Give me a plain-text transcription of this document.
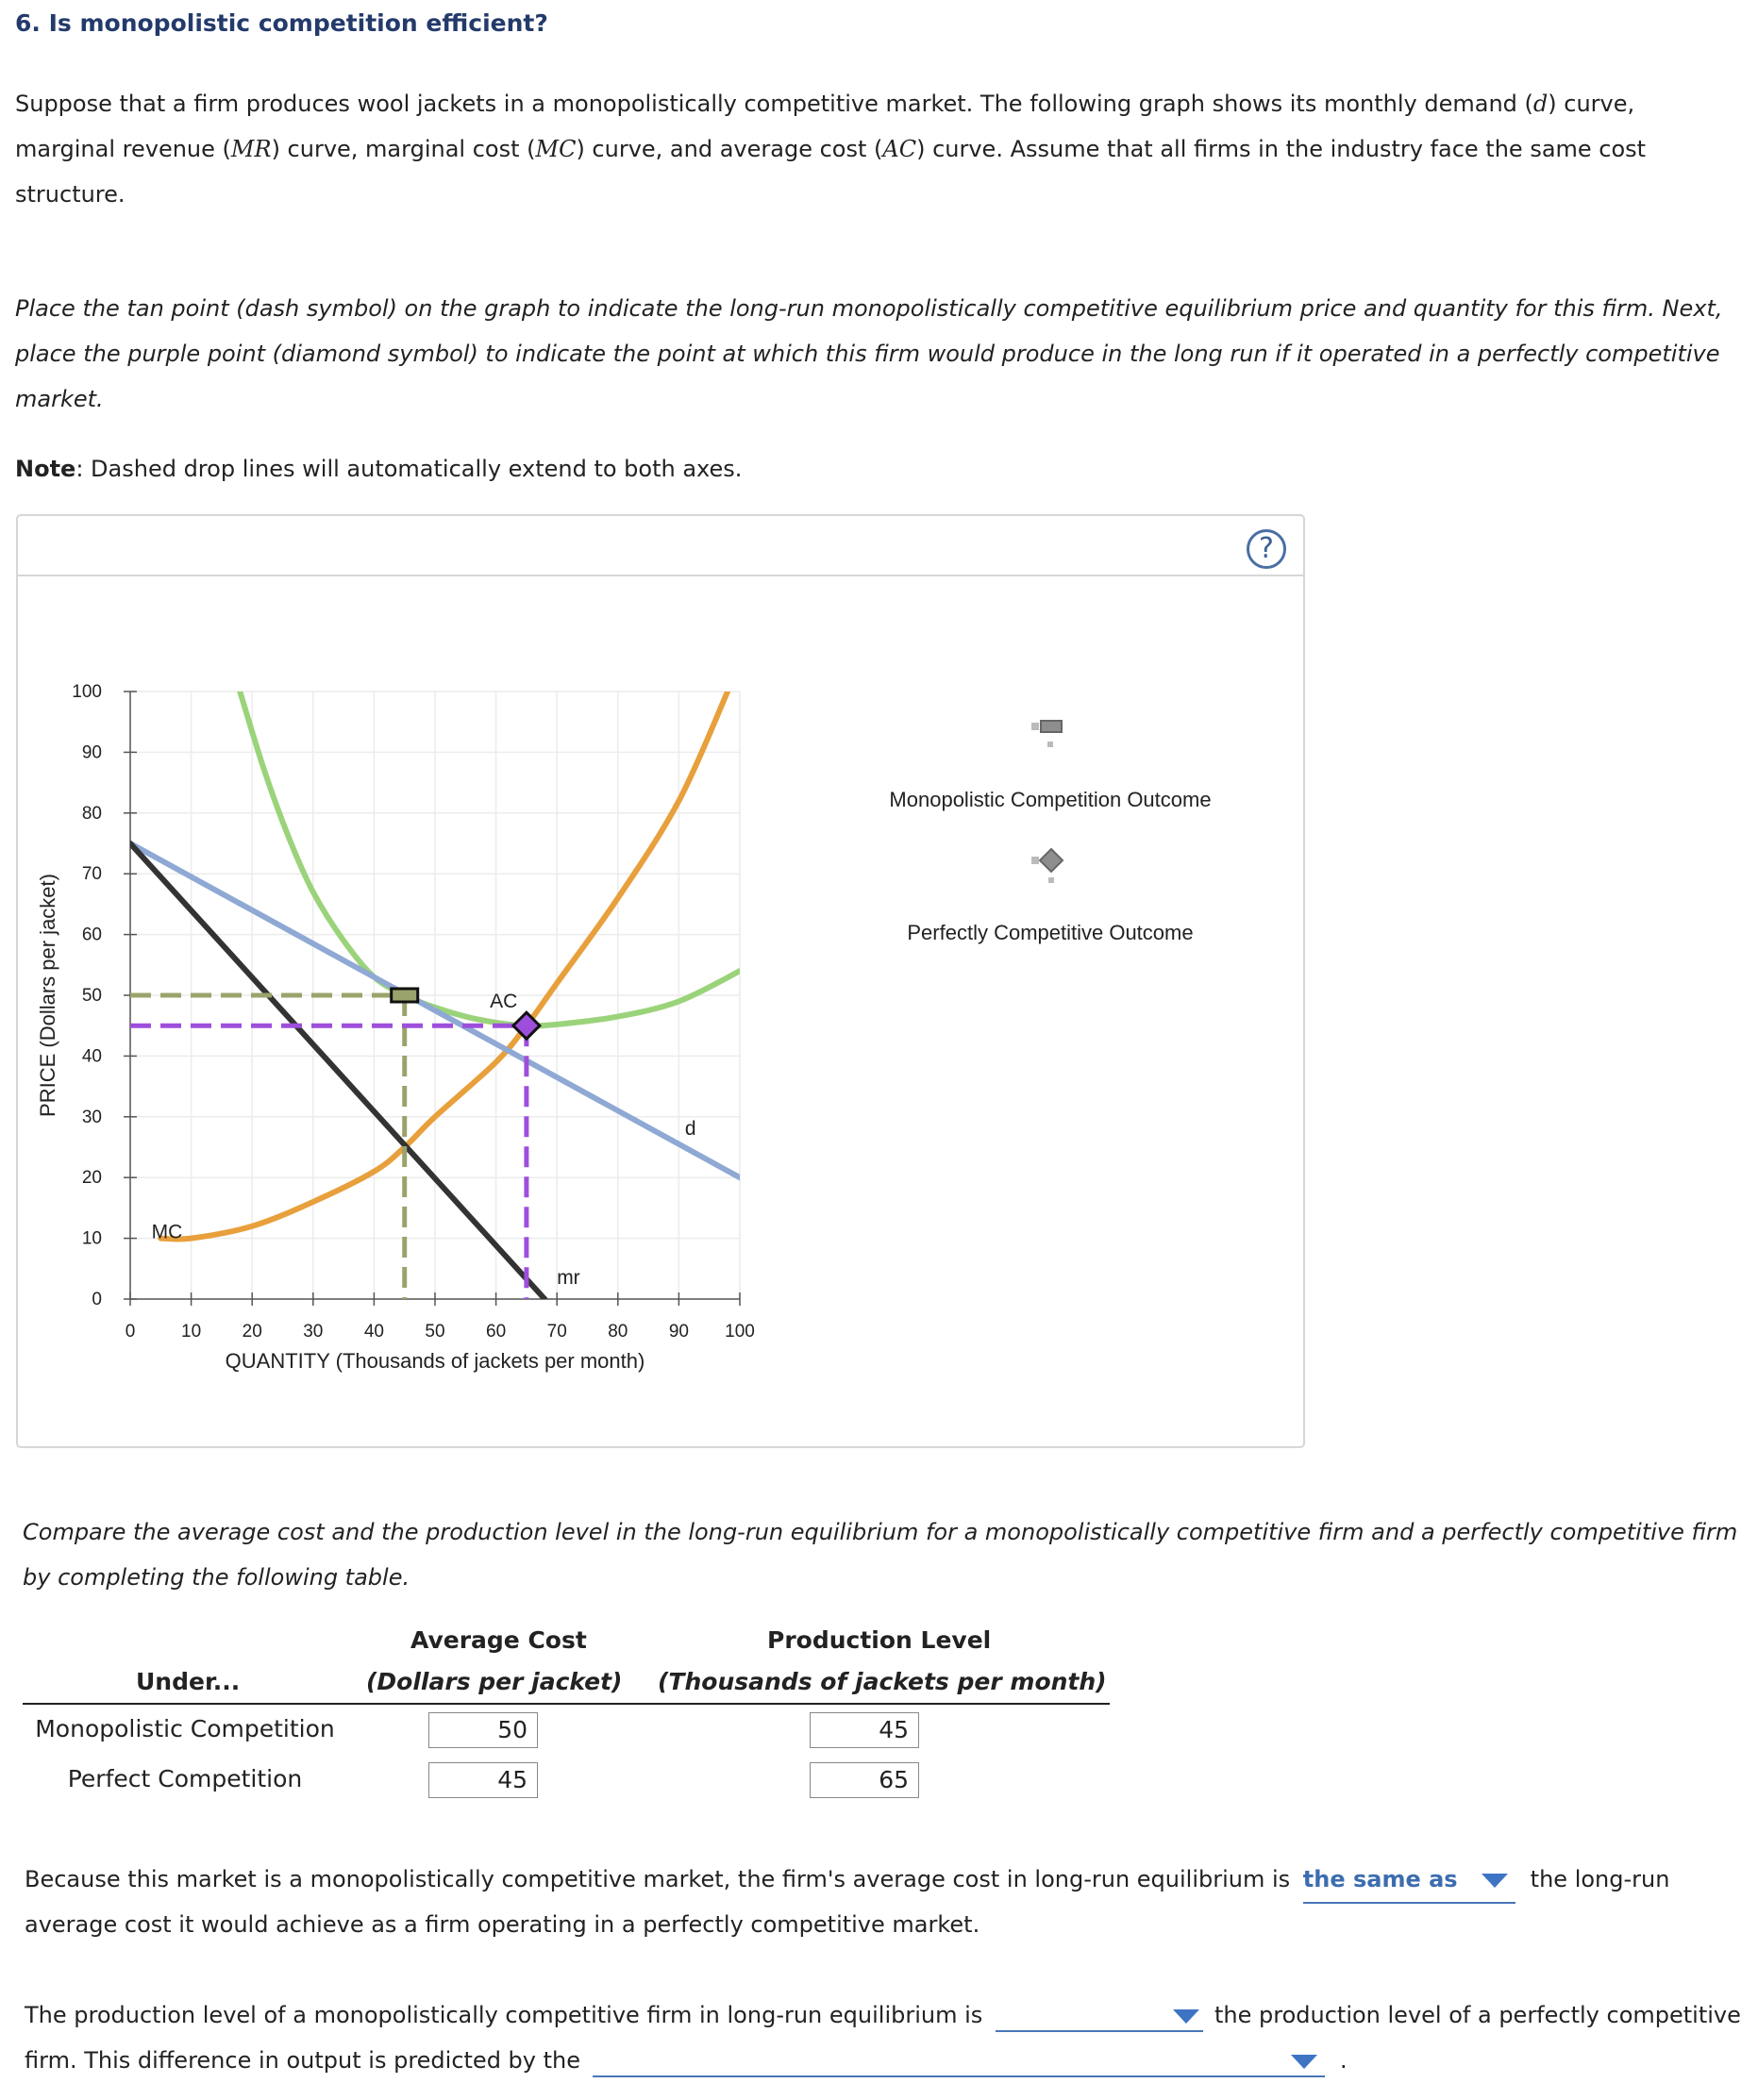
6. Is monopolistic competition efficient?
Suppose that a firm produces wool jackets in a monopolistically competitive market. The following graph shows its monthly demand (d) curve,
marginal revenue (MR) curve, marginal cost (MC) curve, and average cost (AC) curve. Assume that all firms in the industry face the same cost
structure.
Place the tan point (dash symbol) on the graph to indicate the long-run monopolistically competitive equilibrium price and quantity for this firm. Next,
place the purple point (diamond symbol) to indicate the point at which this firm would produce in the long run if it operated in a perfectly competitive
market.
Note: Dashed drop lines will automatically extend to both axes.
?
0	10 20 30 40 50 60 70 80 90 100
0
10
20
30
40
50
60
70
80
90
100
AC
d
mr
MC
Monopolistic Competition Outcome
Perfectly Competitive Outcome
QUANTITY (Thousands of jackets per month)
PRICE (Dollars per jacket)
Compare the average cost and the production level in the long-run equilibrium for a monopolistically competitive firm and a perfectly competitive firm
by completing the following table.
Average Cost
(Dollars per jacket)
Production Level
(Thousands of jackets per month)
Under...
Monopolistic Competition	50	45
Perfect Competition	45	65
Because this market is a monopolistically competitive market, the firm's average cost in long-run equilibrium is the same as	the long-run
average cost it would achieve as a firm operating in a perfectly competitive market.
The production level of a monopolistically competitive firm in long-run equilibrium is	the production level of a perfectly competitive
firm. This difference in output is predicted by the	.
